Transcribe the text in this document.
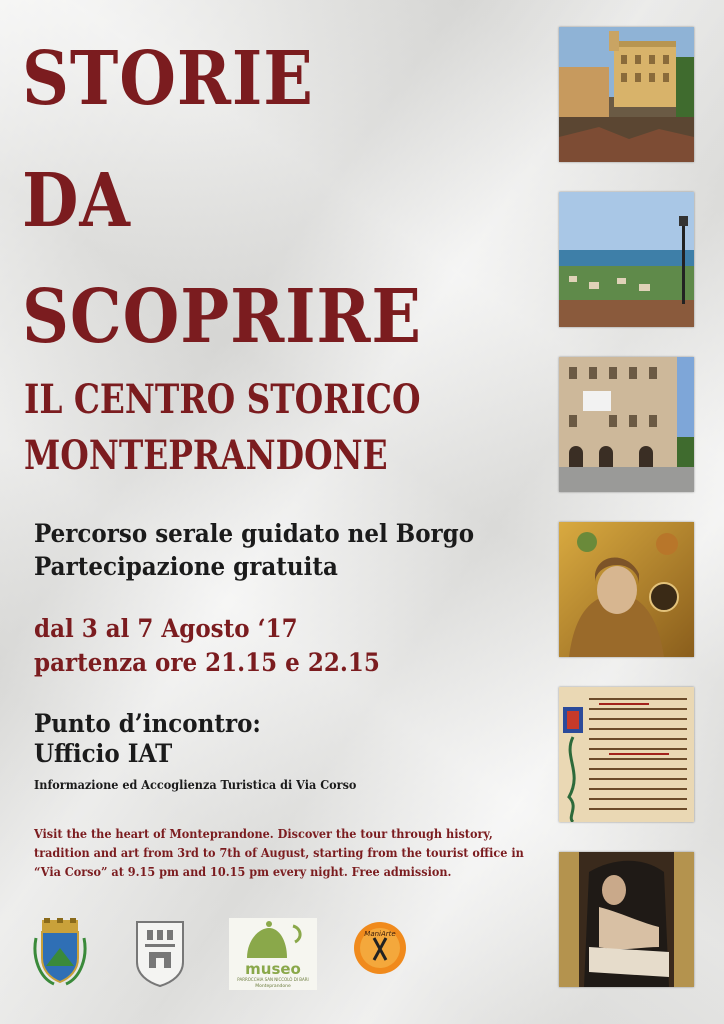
STORIE
DA
SCOPRIRE
IL CENTRO STORICO
MONTEPRANDONE

Percorso serale guidato nel Borgo

Partecipazione gratuita

dal 3 al 7 Agosto ‘17

partenza ore 21.15 e 22.15

Punto d’incontro:

Ufficio IAT

Informazione ed Accoglienza Turistica di Via Corso

Visit the the heart of Monteprandone. Discover the tour through history, tradition and art from 3rd to 7th of August, starting from the tourist office in “Via Corso” at 9.15 pm and 10.15 pm every night. Free admission.

museo
PARROCCHIA SAN NICCOLÒ DI BARI
Monteprandone
ManiArte
